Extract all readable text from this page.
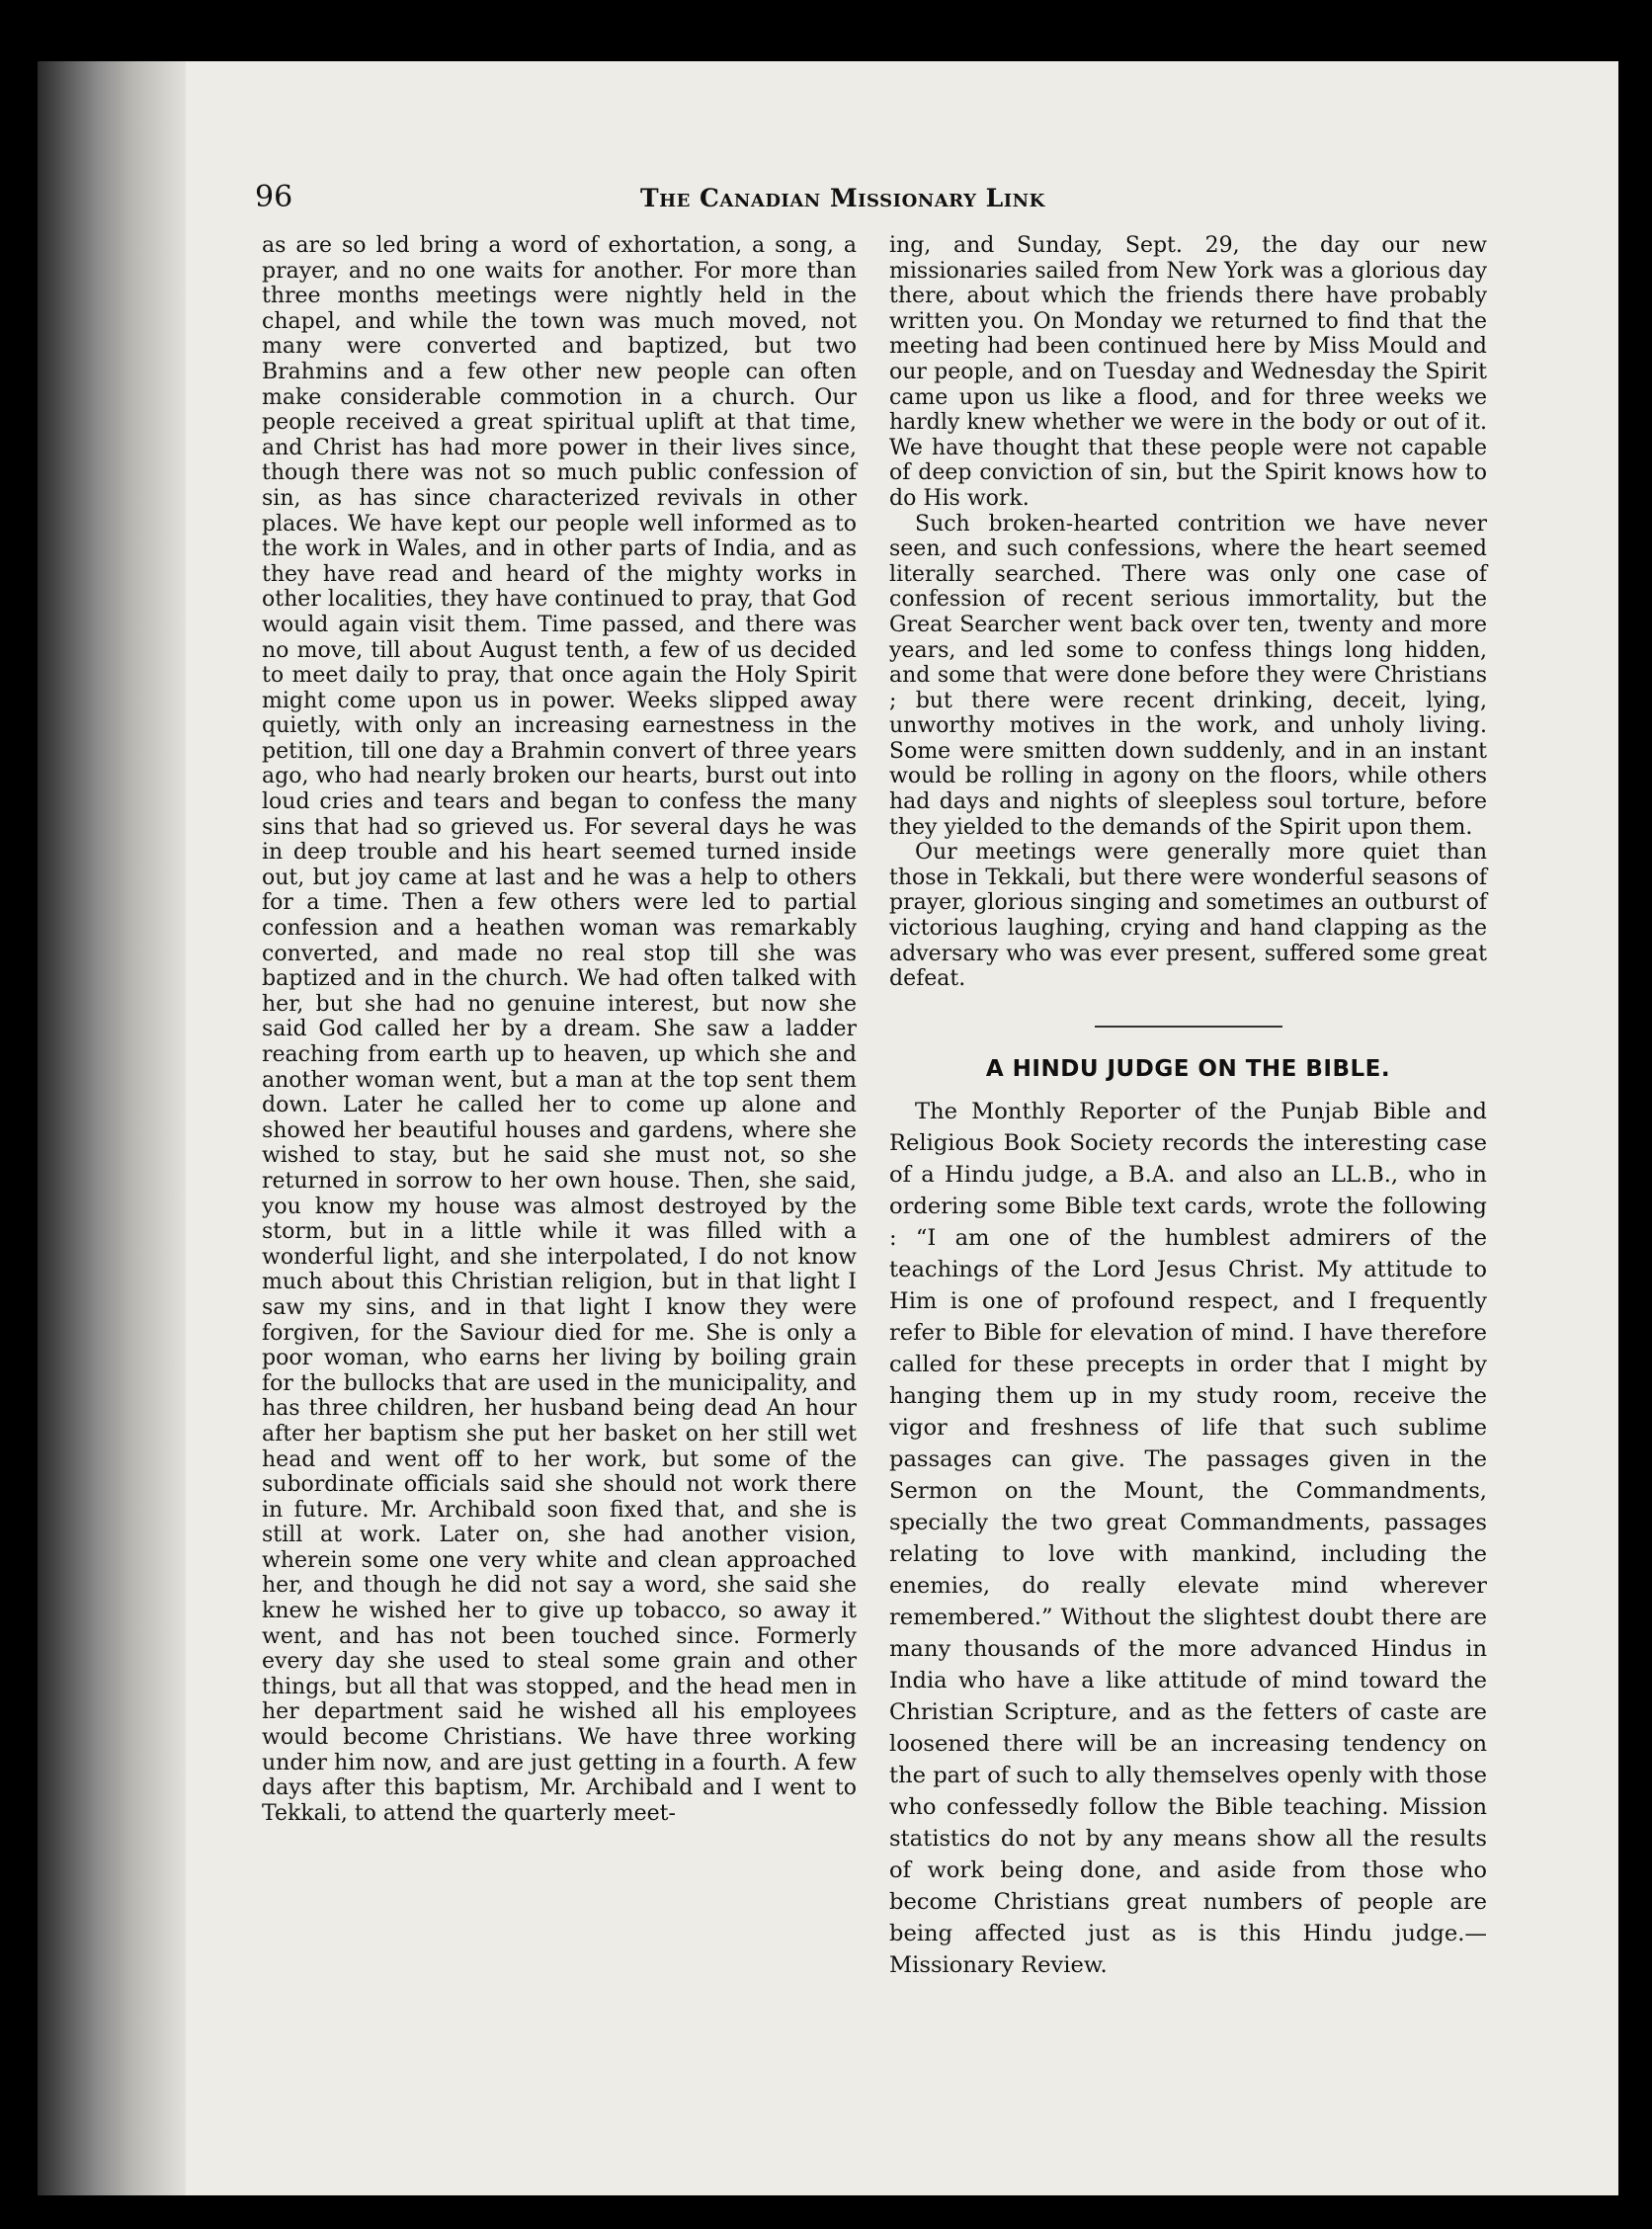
96	The Canadian Missionary Link

as are so led bring a word of exhortation, a song, a prayer, and no one waits for another. For more than three months meetings were nightly held in the chapel, and while the town was much moved, not many were converted and baptized, but two Brahmins and a few other new people can often make considerable commotion in a church. Our people received a great spiritual uplift at that time, and Christ has had more power in their lives since, though there was not so much public confession of sin, as has since characterized revivals in other places. We have kept our people well informed as to the work in Wales, and in other parts of India, and as they have read and heard of the mighty works in other localities, they have continued to pray, that God would again visit them. Time passed, and there was no move, till about August tenth, a few of us decided to meet daily to pray, that once again the Holy Spirit might come upon us in power. Weeks slipped away quietly, with only an increasing earnestness in the petition, till one day a Brahmin convert of three years ago, who had nearly broken our hearts, burst out into loud cries and tears and began to confess the many sins that had so grieved us. For several days he was in deep trouble and his heart seemed turned inside out, but joy came at last and he was a help to others for a time. Then a few others were led to partial confession and a heathen woman was remarkably converted, and made no real stop till she was baptized and in the church. We had often talked with her, but she had no genuine interest, but now she said God called her by a dream. She saw a ladder reaching from earth up to heaven, up which she and another woman went, but a man at the top sent them down. Later he called her to come up alone and showed her beautiful houses and gardens, where she wished to stay, but he said she must not, so she returned in sorrow to her own house. Then, she said, you know my house was almost destroyed by the storm, but in a little while it was filled with a wonderful light, and she interpolated, I do not know much about this Christian religion, but in that light I saw my sins, and in that light I know they were forgiven, for the Saviour died for me. She is only a poor woman, who earns her living by boiling grain for the bullocks that are used in the municipality, and has three children, her husband being dead An hour after her baptism she put her basket on her still wet head and went off to her work, but some of the subordinate officials said she should not work there in future. Mr. Archibald soon fixed that, and she is still at work. Later on, she had another vision, wherein some one very white and clean approached her, and though he did not say a word, she said she knew he wished her to give up tobacco, so away it went, and has not been touched since. Formerly every day she used to steal some grain and other things, but all that was stopped, and the head men in her department said he wished all his employees would become Christians. We have three working under him now, and are just getting in a fourth. A few days after this baptism, Mr. Archibald and I went to Tekkali, to attend the quarterly meet-

ing, and Sunday, Sept. 29, the day our new missionaries sailed from New York was a glorious day there, about which the friends there have probably written you. On Monday we returned to find that the meeting had been continued here by Miss Mould and our people, and on Tuesday and Wednesday the Spirit came upon us like a flood, and for three weeks we hardly knew whether we were in the body or out of it. We have thought that these people were not capable of deep conviction of sin, but the Spirit knows how to do His work.

Such broken-hearted contrition we have never seen, and such confessions, where the heart seemed literally searched. There was only one case of confession of recent serious immortality, but the Great Searcher went back over ten, twenty and more years, and led some to confess things long hidden, and some that were done before they were Christians ; but there were recent drinking, deceit, lying, unworthy motives in the work, and unholy living. Some were smitten down suddenly, and in an instant would be rolling in agony on the floors, while others had days and nights of sleepless soul torture, before they yielded to the demands of the Spirit upon them.

Our meetings were generally more quiet than those in Tekkali, but there were wonderful seasons of prayer, glorious singing and sometimes an outburst of victorious laughing, crying and hand clapping as the adversary who was ever present, suffered some great defeat.

A HINDU JUDGE ON THE BIBLE.

The Monthly Reporter of the Punjab Bible and Religious Book Society records the interesting case of a Hindu judge, a B.A. and also an LL.B., who in ordering some Bible text cards, wrote the following : “I am one of the humblest admirers of the teachings of the Lord Jesus Christ. My attitude to Him is one of profound respect, and I frequently refer to Bible for elevation of mind. I have therefore called for these precepts in order that I might by hanging them up in my study room, receive the vigor and freshness of life that such sublime passages can give. The passages given in the Sermon on the Mount, the Commandments, specially the two great Commandments, passages relating to love with mankind, including the enemies, do really elevate mind wherever remembered.” Without the slightest doubt there are many thousands of the more advanced Hindus in India who have a like attitude of mind toward the Christian Scripture, and as the fetters of caste are loosened there will be an increasing tendency on the part of such to ally themselves openly with those who confessedly follow the Bible teaching. Mission statistics do not by any means show all the results of work being done, and aside from those who become Christians great numbers of people are being affected just as is this Hindu judge.—Missionary Review.
